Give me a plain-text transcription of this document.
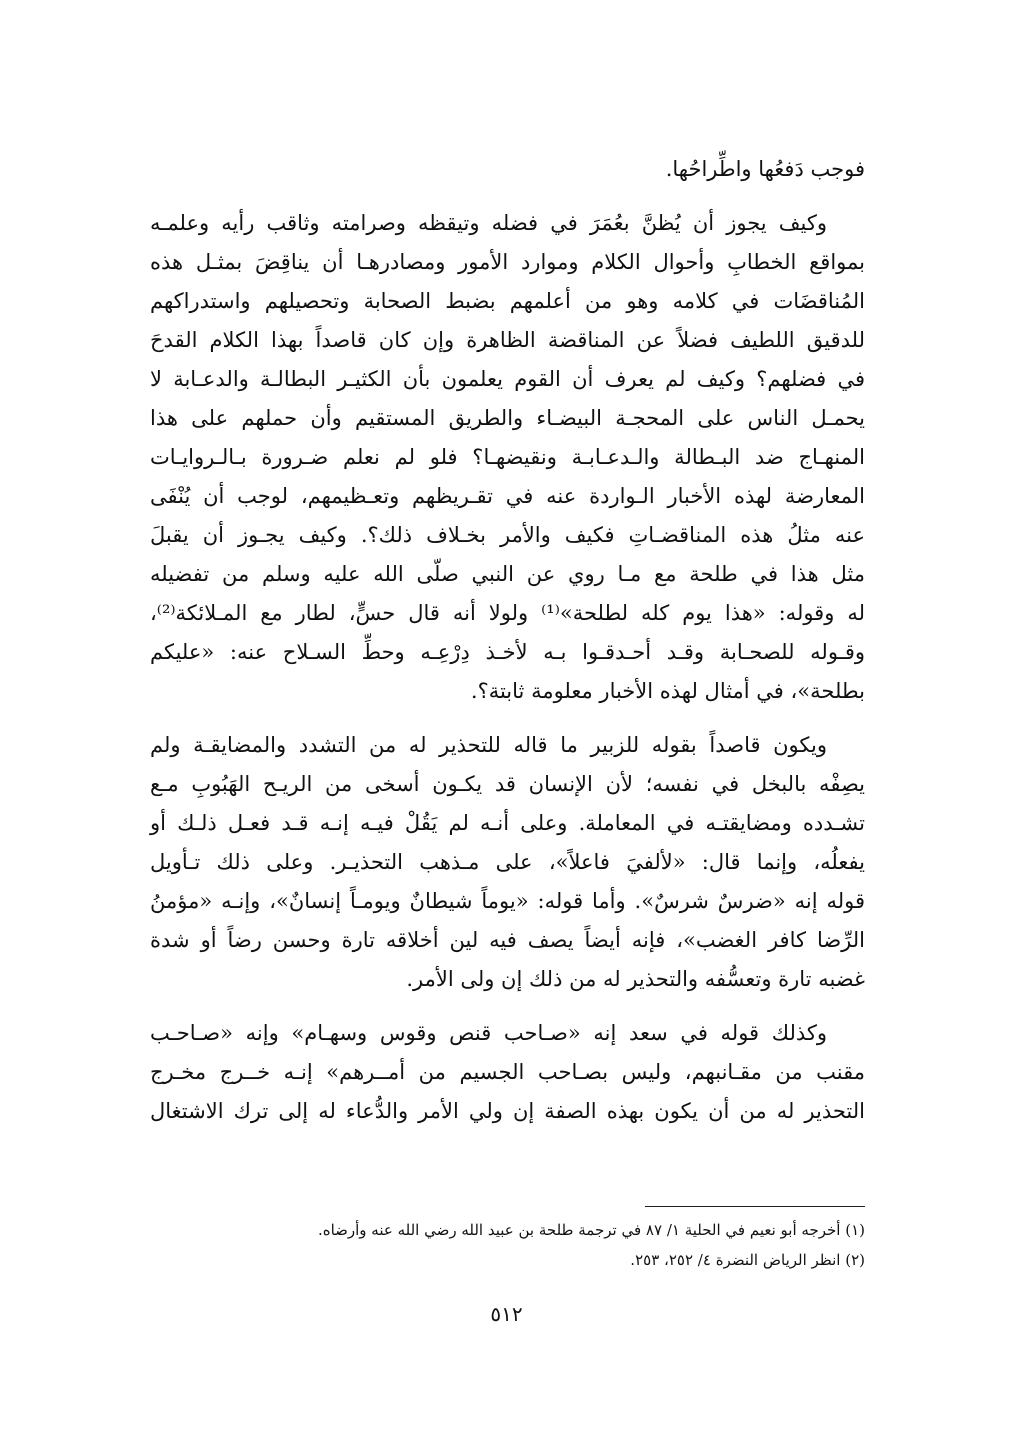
فوجب دَفعُها واطِّراحُها.
وكيف يجوز أن يُظنَّ بعُمَرَ في فضله وتيقظه وصرامته وثاقب رأيه وعلمـه
بمواقع الخطابِ وأحوال الكلام وموارد الأمور ومصادرهـا أن يناقِضَ بمثـل هذه
المُناقضَات في كلامه وهو من أعلمهم بضبط الصحابة وتحصيلهم واستدراكهم
للدقيق اللطيف فضلاً عن المناقضة الظاهرة وإن كان قاصداً بهذا الكلام القدحَ
في فضلهم؟ وكيف لم يعرف أن القوم يعلمون بأن الكثيـر البطالـة والدعـابة لا
يحمـل الناس على المحجـة البيضـاء والطريق المستقيم وأن حملهم على هذا
المنهـاج ضد البـطالة والـدعـابـة ونقيضهـا؟ فلو لم نعلم ضـرورة بـالـروايـات
المعارضة لهذه الأخبار الـواردة عنه في تقـريظهم وتعـظيمهم، لوجب أن يُنْفَى
عنه مثلُ هذه المناقضـاتِ فكيف والأمر بخـلاف ذلك؟. وكيف يجـوز أن يقبلَ
مثل هذا في طلحة مع مـا روي عن النبي صلّى الله عليه وسلم من تفضيله
له وقوله: «هذا يوم كله لطلحة»⁽¹⁾ ولولا أنه قال حسٍّ، لطار مع المـلائكة⁽²⁾،
وقـوله للصحـابة وقـد أحـدقـوا بـه لأخـذ دِرْعِـه وحطِّ السـلاح عنه: «عليكم
بطلحة»، في أمثال لهذه الأخبار معلومة ثابتة؟.
ويكون قاصداً بقوله للزبير ما قاله للتحذير له من التشدد والمضايقـة ولم
يصِفْه بالبخل في نفسه؛ لأن الإنسان قد يكـون أسخى من الريـح الهَبُوبِ مـع
تشـدده ومضايقتـه في المعاملة. وعلى أنـه لم يَقُلْ فيـه إنـه قـد فعـل ذلـك أو
يفعلُه، وإنما قال: «لألفيَ فاعلاً»، على مـذهب التحذيـر. وعلى ذلك تـأويل
قوله إنه «ضرسٌ شرسٌ». وأما قوله: «يوماً شيطانٌ ويومـاً إنسانٌ»، وإنـه «مؤمنُ
الرِّضا كافر الغضب»، فإنه أيضاً يصف فيه لين أخلاقه تارة وحسن رضاً أو شدة
غضبه تارة وتعسُّفه والتحذير له من ذلك إن ولى الأمر.
وكذلك قوله في سعد إنه «صـاحب قنص وقوس وسهـام» وإنه «صـاحـب
مقنب من مقـانبهم، وليس بصـاحب الجسيم من أمــرهم» إنـه خــرج مخـرج
التحذير له من أن يكون بهذه الصفة إن ولي الأمر والدُّعاء له إلى ترك الاشتغال
(١) أخرجه أبو نعيم في الحلية ١/ ٨٧ في ترجمة طلحة بن عبيد الله رضي الله عنه وأرضاه.
(٢) انظر الرياض النضرة ٤/ ٢٥٢، ٢٥٣.
٥١٢
